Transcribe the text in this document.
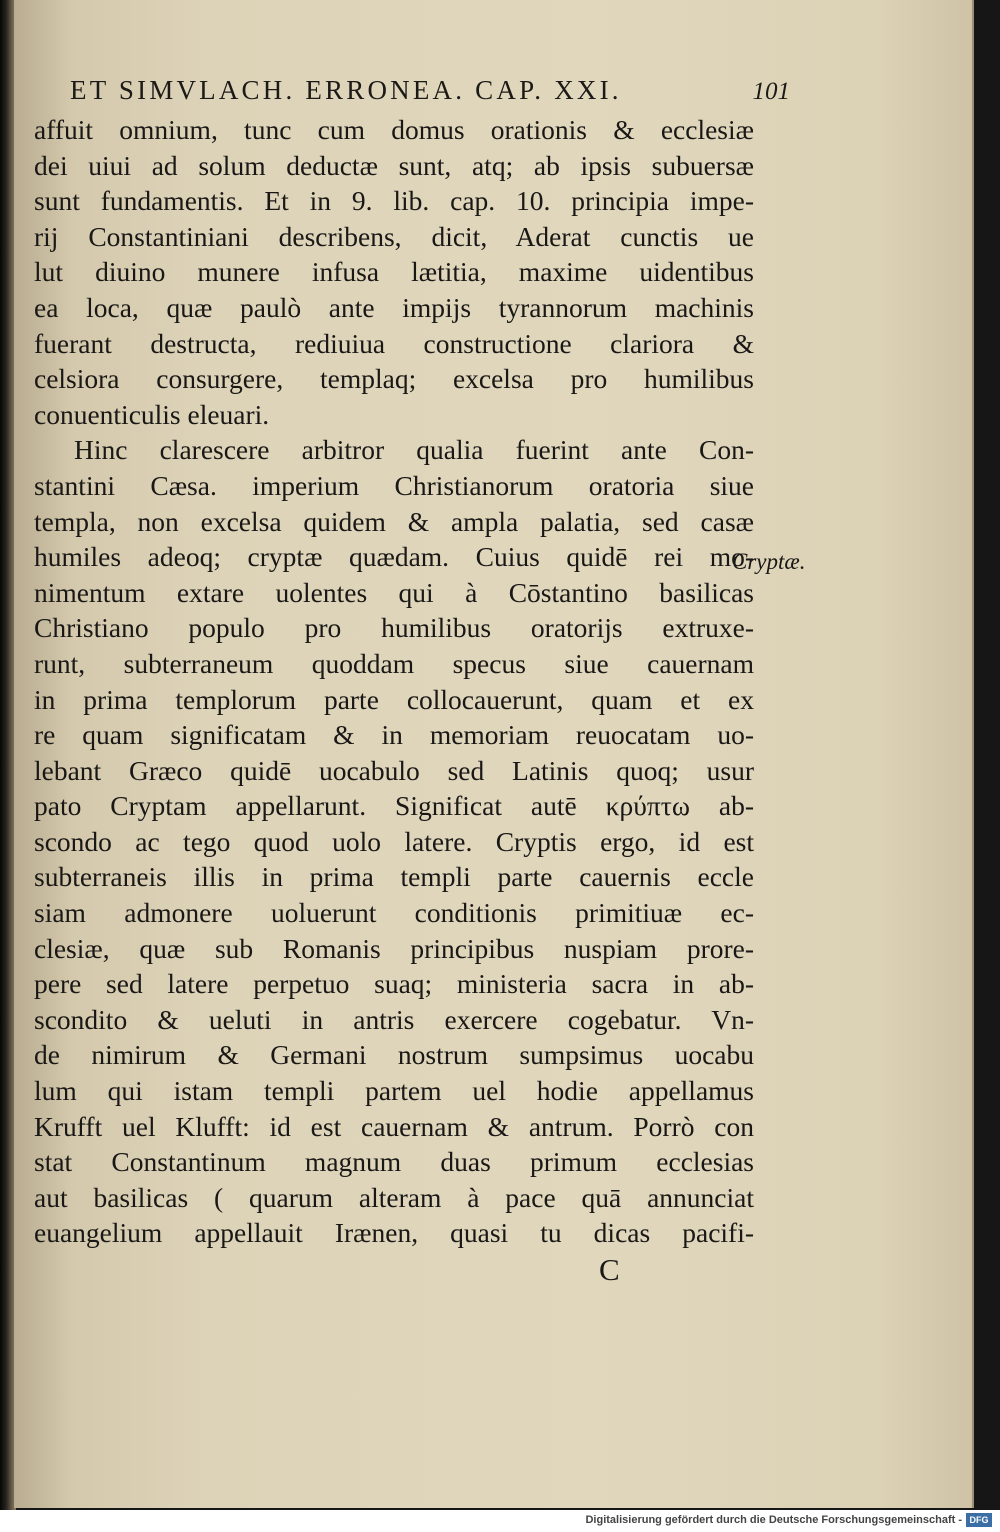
ET SIMVLACH. ERRONEA. CAP. XXI.	101
affuit omnium, tunc cum domus orationis & ecclesiæ
dei uiui ad solum deductæ sunt, atq; ab ipsis subuersæ
sunt fundamentis. Et in 9. lib. cap. 10. principia impe-
rij Constantiniani describens, dicit, Aderat cunctis ue
lut diuino munere infusa lætitia, maxime uidentibus
ea loca, quæ paulò ante impijs tyrannorum machinis
fuerant destructa, rediuiua constructione clariora &
celsiora consurgere, templaq; excelsa pro humilibus
conuenticulis eleuari.
Hinc clarescere arbitror qualia fuerint ante Con-
stantini Cæsa. imperium Christianorum oratoria siue
templa, non excelsa quidem & ampla palatia, sed casæ
humiles adeoq; cryptæ quædam. Cuius quidē rei mo-
nimentum extare uolentes qui à Cōstantino basilicas
Christiano populo pro humilibus oratorijs extruxe-
runt, subterraneum quoddam specus siue cauernam
in prima templorum parte collocauerunt, quam et ex
re quam significatam & in memoriam reuocatam uo-
lebant Græco quidē uocabulo sed Latinis quoq; usur
pato Cryptam appellarunt. Significat autē κρύπτω ab-
scondo ac tego quod uolo latere. Cryptis ergo, id est
subterraneis illis in prima templi parte cauernis eccle
siam admonere uoluerunt conditionis primitiuæ ec-
clesiæ, quæ sub Romanis principibus nuspiam prore-
pere sed latere perpetuo suaq; ministeria sacra in ab-
scondito & ueluti in antris exercere cogebatur. Vn-
de nimirum & Germani nostrum sumpsimus uocabu
lum qui istam templi partem uel hodie appellamus
Krufft uel Klufft: id est cauernam & antrum. Porrò con
stat Constantinum magnum duas primum ecclesias
aut basilicas ( quarum alteram à pace quā annunciat
euangelium appellauit Irænen, quasi tu dicas pacifi-
Cryptæ.
C
Digitalisierung gefördert durch die Deutsche Forschungsgemeinschaft - DFG
